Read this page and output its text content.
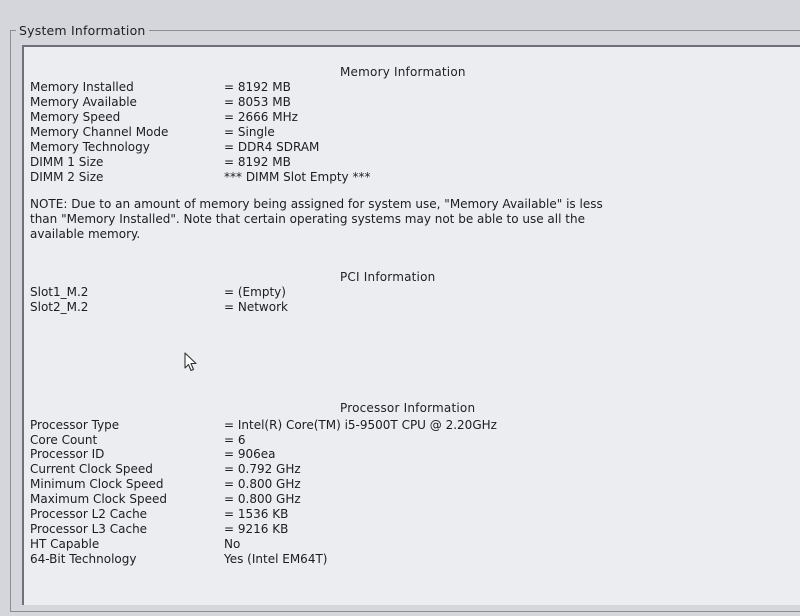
System Information
Memory Information
Memory Installed	= 8192 MB
Memory Available	= 8053 MB
Memory Speed	= 2666 MHz
Memory Channel Mode	= Single
Memory Technology	= DDR4 SDRAM
DIMM 1 Size	= 8192 MB
DIMM 2 Size	*** DIMM Slot Empty ***
NOTE: Due to an amount of memory being assigned for system use, "Memory Available" is less
than "Memory Installed". Note that certain operating systems may not be able to use all the
available memory.
PCI Information
Slot1_M.2	= (Empty)
Slot2_M.2	= Network
Processor Information
Processor Type	= Intel(R) Core(TM) i5-9500T CPU @ 2.20GHz
Core Count	= 6
Processor ID	= 906ea
Current Clock Speed	= 0.792 GHz
Minimum Clock Speed	= 0.800 GHz
Maximum Clock Speed	= 0.800 GHz
Processor L2 Cache	= 1536 KB
Processor L3 Cache	= 9216 KB
HT Capable	No
64-Bit Technology	Yes (Intel EM64T)
